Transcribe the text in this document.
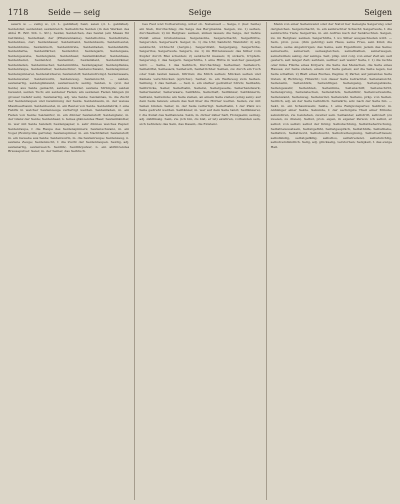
1718 Seide — seig	Seige	Seigen

seiern w. — zeilig w., (d. L. geblähet) Seid, seien (d. L. geblähet). Seidebdar, seidenbar, seidenreich. Seibebliche Seiden (in den Werken des Abbé H. Bdr. Stb. L. Str.). Seidel, Seidelchen, das Seidel (ein Maass für Getränke), Seidelbast, der (Pflanzenname), Seidelbohne, Seidelbreite, Seidenbau, der; Seidenbauer, Seidenband, Seidenbaum, Seidenbeutel, Seidenblume, Seidenbuch, Seidenbürste, Seidenfaden, Seidenfabrik, Seidenfarbe, Seidenfärber, Seidenflor, Seidengarn, Seidengaze, Seidengewebe, Seidenglanz, Seidenhaar, Seidenhändler, Seidenhase, Seidenhemd, Seidenhof, Seidenhut, Seidenkleid, Seidenkrämer, Seidenladen, Seidenmacher, Seidenmühle, Seidenpapier, Seidenpflanze, Seidenraupe, Seidenreiher, Seidenschnur, Seidenschwanz, Seidenspinner, Seidenspinnerei, Seidenstickerei, Seidenstoff, Seidenstrumpf, Seidenwaare, Seidenweber, Seidenwurm, Seidenzeug, Seidenzucht, — seiden, seidenartig, seidenglänzend, seidenweich; seidig. Seiden, n. (von der Seide) aus Seide gemacht, seidene Kleider, seidene Strümpfe; seiden Gewand, seiden Tuch; ein seidener Faden; am seidenen Faden hängen (in grosser Gefahr sein). Seidenartig, adj. wie Seide; Seidenbau, m. die Zucht der Seidenraupen und Gewinnung der Seide. Seidenbaum, m. der weisse Maulbeerbaum. Seidenbeutel, m. ein Beutel von Seide. Seidenfabrik, f. eine Fabrik in welcher Seidenzeuge verfertigt werden. Seidenfaden, m. ein Faden von Seide; Seidenflor, m. ein dünner Seidenstoff; Seidenglanz, m. der Glanz der Seide; Seidenhaar, n. feines glänzendes Haar; Seidenhändler, m. wer mit Seide handelt; Seidenpapier, n. sehr dünnes weiches Papier; Seidenraupe, f. die Raupe des Seidenspinners; Seidenschwanz, m. ein Vogel (Bombycilla garrula); Seidenspinner, m. ein Nachtfalter; Seidenstoff, m. ein Gewebe aus Seide; Seidenwurm, m. die Seidenraupe; Seidenzeug, n. seidene Zeuge; Seidenzucht, f. die Zucht der Seidenraupen. Seidig, adj. seidenartig, seidenweich. Seidlitz, Seidlitzpulver, n. ein abführendes Brausepulver. Seier, m. der Seiher, das Seihtuch.

bes Fest und Vorbereitung, unter ob. Nebenseit — Seige, f. (ber. Seihe) ein Sieb, Durchschlag; die Seige des Bergmanns. Seigen, zw. 1) seihen, durchseihen; 2) im Bergbau: senken, sinken lassen; die Seige, der tiefste Punkt eines Grubenbaues. Seigensohle, Seigerschacht, Seigerhütte, Seigerofen, Seigerwerk. Seiger, m. 1) die Uhr, Sanduhr, Wanduhr; 2) adj. senkrecht, lothrecht (bergm.). Seigerdraht, Seigergang, Seigerhöhe, Seigerriss, Seigerteufe. Seigern, zw. 1) im Hüttenwesen: das Silber vom Kupfer durch Blei scheiden; 2) senkrecht messen; 3) sickern, tröpfeln. Seigerung, f. das Seigern. Seigerhütte, f. eine Hütte in welcher geseigert wird. — Seihe, f. das Seihtuch, Durchschlag; Seiheimer, Seihekorb, Seihelöffel, Seihesack, Seihetuch, Seihetrichter. Seihen, zw. durch ein Tuch oder Sieb laufen lassen, filtriren; die Milch seihen; Mücken seihen und Kamele verschlucken (sprichw.). Seiher, m. ein Werkzeug zum Seihen. Seihung, f. das Seihen. — Seil, n. ein starker gedrehter Strick; Seilbahn, Seilbrücke, Seiler, Seilerbahn, Seilerei, Seilergeselle, Seilerhandwerk, Seilermeister, Seilerwaare, Seilfähre, Seilschaft, Seiltänzer, Seiltänzerin, Seiltanz, Seilwinde; am Seile ziehen, an einem Seile ziehen (einig sein); auf dem Seile tanzen; einem das Seil über die Hörner werfen. Seilen, zw. mit Seilen binden. Seiler, m. der Seile verfertigt. Seilerbahn, f. der Platz wo Seile gedreht werden. Seiltänzer, m. wer auf dem Seile tanzt; Seiltänzerei, f. die Kunst des Seiltanzens. Seim, m. dicker zäher Saft, Honigseim; seimig, adj. zähflüssig. Sein, zw. (ich bin, du bist, er ist) existiren, vorhanden sein, sich befinden; das Sein, das Dasein, die Existenz.

Mann von einer Seitenwand oder der Natur her Geneigte Seigerung oder dergleichen. Seigerschacht, m. ein senkrechter Schacht; Seigerteufe, f. die senkrechte Tiefe; Seigerriss, m. ein Aufriss nach der Senkrechten. Seigen, zw. im Bergbau: senken. Seigerhütte, f. wo Silber ausgeschieden wird. — Sein, pron. poss. (ihm gehörig) sein Haus, seine Frau, sein Kind; die Seinen, seine Angehörigen; das Seine, sein Eigenthum; jedem das Seine; seinerseits, seinerzeit, seinesgleichen, seinethalben, seinetwegen, seinetwillen; seinig, der seinige. Seit, präp. und conj. von einer Zeit an; seit gestern, seit langer Zeit; seitdem, seither; seit wann? Seite, f. 1) die rechte oder linke Fläche eines Körpers; die Seite des Menschen, die Seite eines Hauses; zur Seite stehen, einem zur Seite gehen; auf die Seite legen, bei Seite schaffen; 2) Blatt eines Buches, Pagina; 3) Partei; auf jemandes Seite treten; 4) Richtung, Hinsicht; von dieser Seite betrachtet. Seitenansicht, Seitenarm, Seitenblick, Seitenflügel, Seitengang, Seitengebäude, Seitengewehr, Seitenhieb, Seitenlinie, Seitenschiff, Seitenschritt, Seitensprung, Seitenstechen, Seitenstück, Seitenthür, Seitenverwandte, Seitenwand, Seitenweg, Seitenwind, Seitenzahl. Seitens, präp. von Seiten. Seitlich, adj. an der Seite befindlich. Seitwärts, adv. nach der Seite hin. — Sekt, m. ein Schaumwein; Sekte, f. eine Religionspartei; Sektirer, m. Anhänger einer Sekte. Sekunde, f. der sechzigste Theil einer Minute; sekundiren, zw. beistehen, zweiter sein. Selbander, selbdritt, selbviert (zu zweien, zu dreien). Selbst, pron. eigen, in eigener Person; ich selbst, er selbst; von selbst; selbst der König; Selbstachtung, Selbstbeherrschung, Selbstbewusstsein, Selbstgefühl, Selbstgespräch, Selbsthülfe, Selbstliebe, Selbstlob, Selbstmord, Selbstsucht, Selbstverleugnung, Selbstvertrauen; selbständig, selbstgefällig, selbstlos, selbstredend, selbstsüchtig, selbstverständlich. Selig, adj. glückselig, verstorben; Seligkeit, f. das ewige Heil.
